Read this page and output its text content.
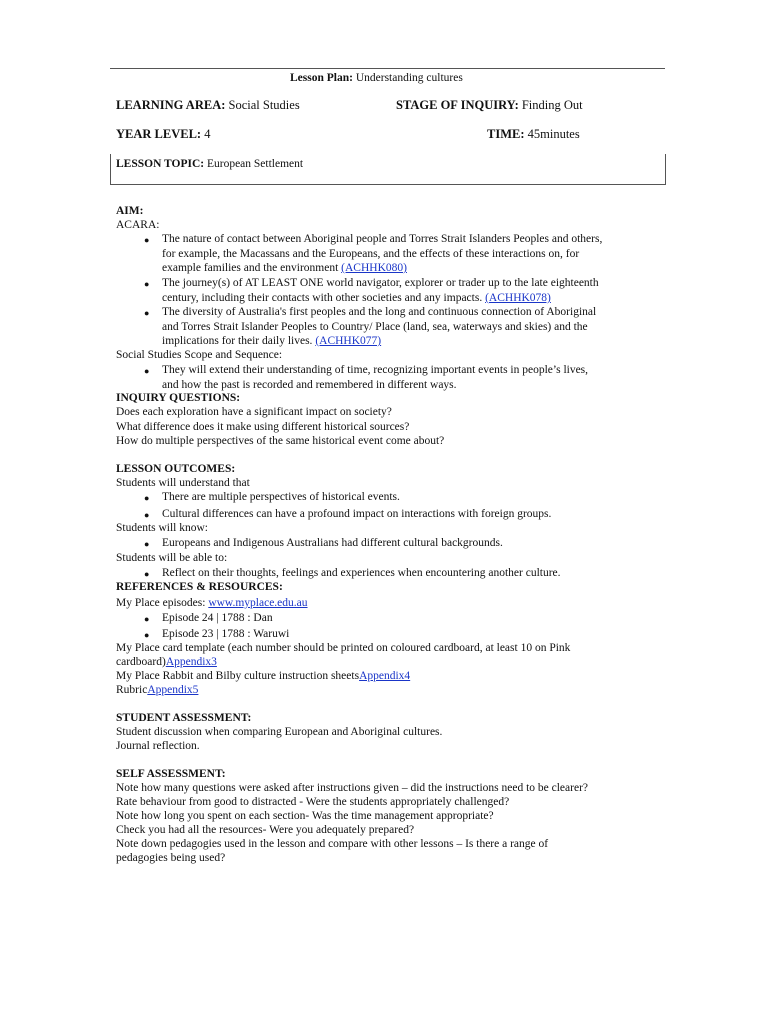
Lesson Plan: Understanding cultures
LEARNING AREA: Social Studies	STAGE OF INQUIRY: Finding Out
YEAR LEVEL: 4	TIME: 45minutes
LESSON TOPIC: European Settlement
AIM:
ACARA:
● The nature of contact between Aboriginal people and Torres Strait Islanders Peoples and others,
for example, the Macassans and the Europeans, and the effects of these interactions on, for
example families and the environment (ACHHK080)
● The journey(s) of AT LEAST ONE world navigator, explorer or trader up to the late eighteenth
century, including their contacts with other societies and any impacts. (ACHHK078)
● The diversity of Australia's first peoples and the long and continuous connection of Aboriginal
and Torres Strait Islander Peoples to Country/ Place (land, sea, waterways and skies) and the
implications for their daily lives. (ACHHK077)
Social Studies Scope and Sequence:
● They will extend their understanding of time, recognizing important events in people’s lives,
and how the past is recorded and remembered in different ways.
INQUIRY QUESTIONS:
Does each exploration have a significant impact on society?
What difference does it make using different historical sources?
How do multiple perspectives of the same historical event come about?
LESSON OUTCOMES:
Students will understand that
● There are multiple perspectives of historical events.
● Cultural differences can have a profound impact on interactions with foreign groups.
Students will know:
● Europeans and Indigenous Australians had different cultural backgrounds.
Students will be able to:
● Reflect on their thoughts, feelings and experiences when encountering another culture.
REFERENCES & RESOURCES:
My Place episodes: www.myplace.edu.au
● Episode 24 | 1788 : Dan
● Episode 23 | 1788 : Waruwi
My Place card template (each number should be printed on coloured cardboard, at least 10 on Pink
cardboard)Appendix3
My Place Rabbit and Bilby culture instruction sheetsAppendix4
RubricAppendix5
STUDENT ASSESSMENT:
Student discussion when comparing European and Aboriginal cultures.
Journal reflection.
SELF ASSESSMENT:
Note how many questions were asked after instructions given – did the instructions need to be clearer?
Rate behaviour from good to distracted - Were the students appropriately challenged?
Note how long you spent on each section- Was the time management appropriate?
Check you had all the resources- Were you adequately prepared?
Note down pedagogies used in the lesson and compare with other lessons – Is there a range of
pedagogies being used?
